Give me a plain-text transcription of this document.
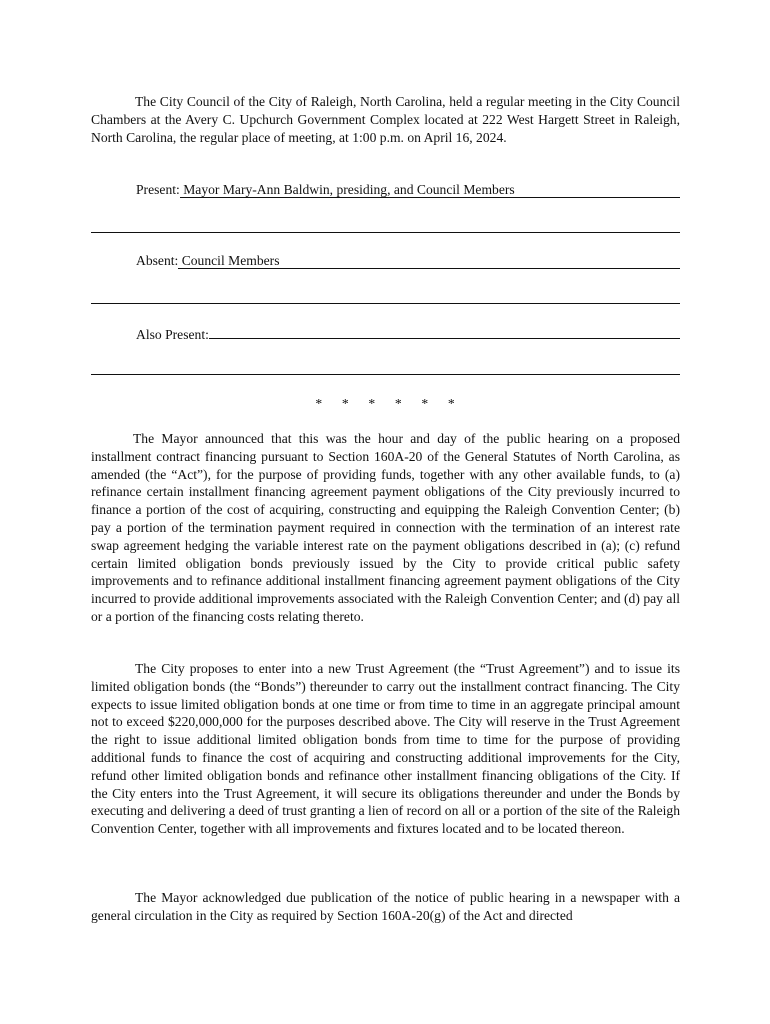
The City Council of the City of Raleigh, North Carolina, held a regular meeting in the City Council Chambers at the Avery C. Upchurch Government Complex located at 222 West Hargett Street in Raleigh, North Carolina, the regular place of meeting, at 1:00 p.m. on April 16, 2024.

Present: Mayor Mary-Ann Baldwin, presiding, and Council Members
Absent: Council Members
Also Present:
* * * * * *

The Mayor announced that this was the hour and day of the public hearing on a proposed installment contract financing pursuant to Section 160A-20 of the General Statutes of North Carolina, as amended (the “Act”), for the purpose of providing funds, together with any other available funds, to (a) refinance certain installment financing agreement payment obligations of the City previously incurred to finance a portion of the cost of acquiring, constructing and equipping the Raleigh Convention Center; (b) pay a portion of the termination payment required in connection with the termination of an interest rate swap agreement hedging the variable interest rate on the payment obligations described in (a); (c) refund certain limited obligation bonds previously issued by the City to provide critical public safety improvements and to refinance additional installment financing agreement payment obligations of the City incurred to provide additional improvements associated with the Raleigh Convention Center; and (d) pay all or a portion of the financing costs relating thereto.

The City proposes to enter into a new Trust Agreement (the “Trust Agreement”) and to issue its limited obligation bonds (the “Bonds”) thereunder to carry out the installment contract financing. The City expects to issue limited obligation bonds at one time or from time to time in an aggregate principal amount not to exceed $220,000,000 for the purposes described above. The City will reserve in the Trust Agreement the right to issue additional limited obligation bonds from time to time for the purpose of providing additional funds to finance the cost of acquiring and constructing additional improvements for the City, refund other limited obligation bonds and refinance other installment financing obligations of the City. If the City enters into the Trust Agreement, it will secure its obligations thereunder and under the Bonds by executing and delivering a deed of trust granting a lien of record on all or a portion of the site of the Raleigh Convention Center, together with all improvements and fixtures located and to be located thereon.

The Mayor acknowledged due publication of the notice of public hearing in a newspaper with a general circulation in the City as required by Section 160A-20(g) of the Act and directed
